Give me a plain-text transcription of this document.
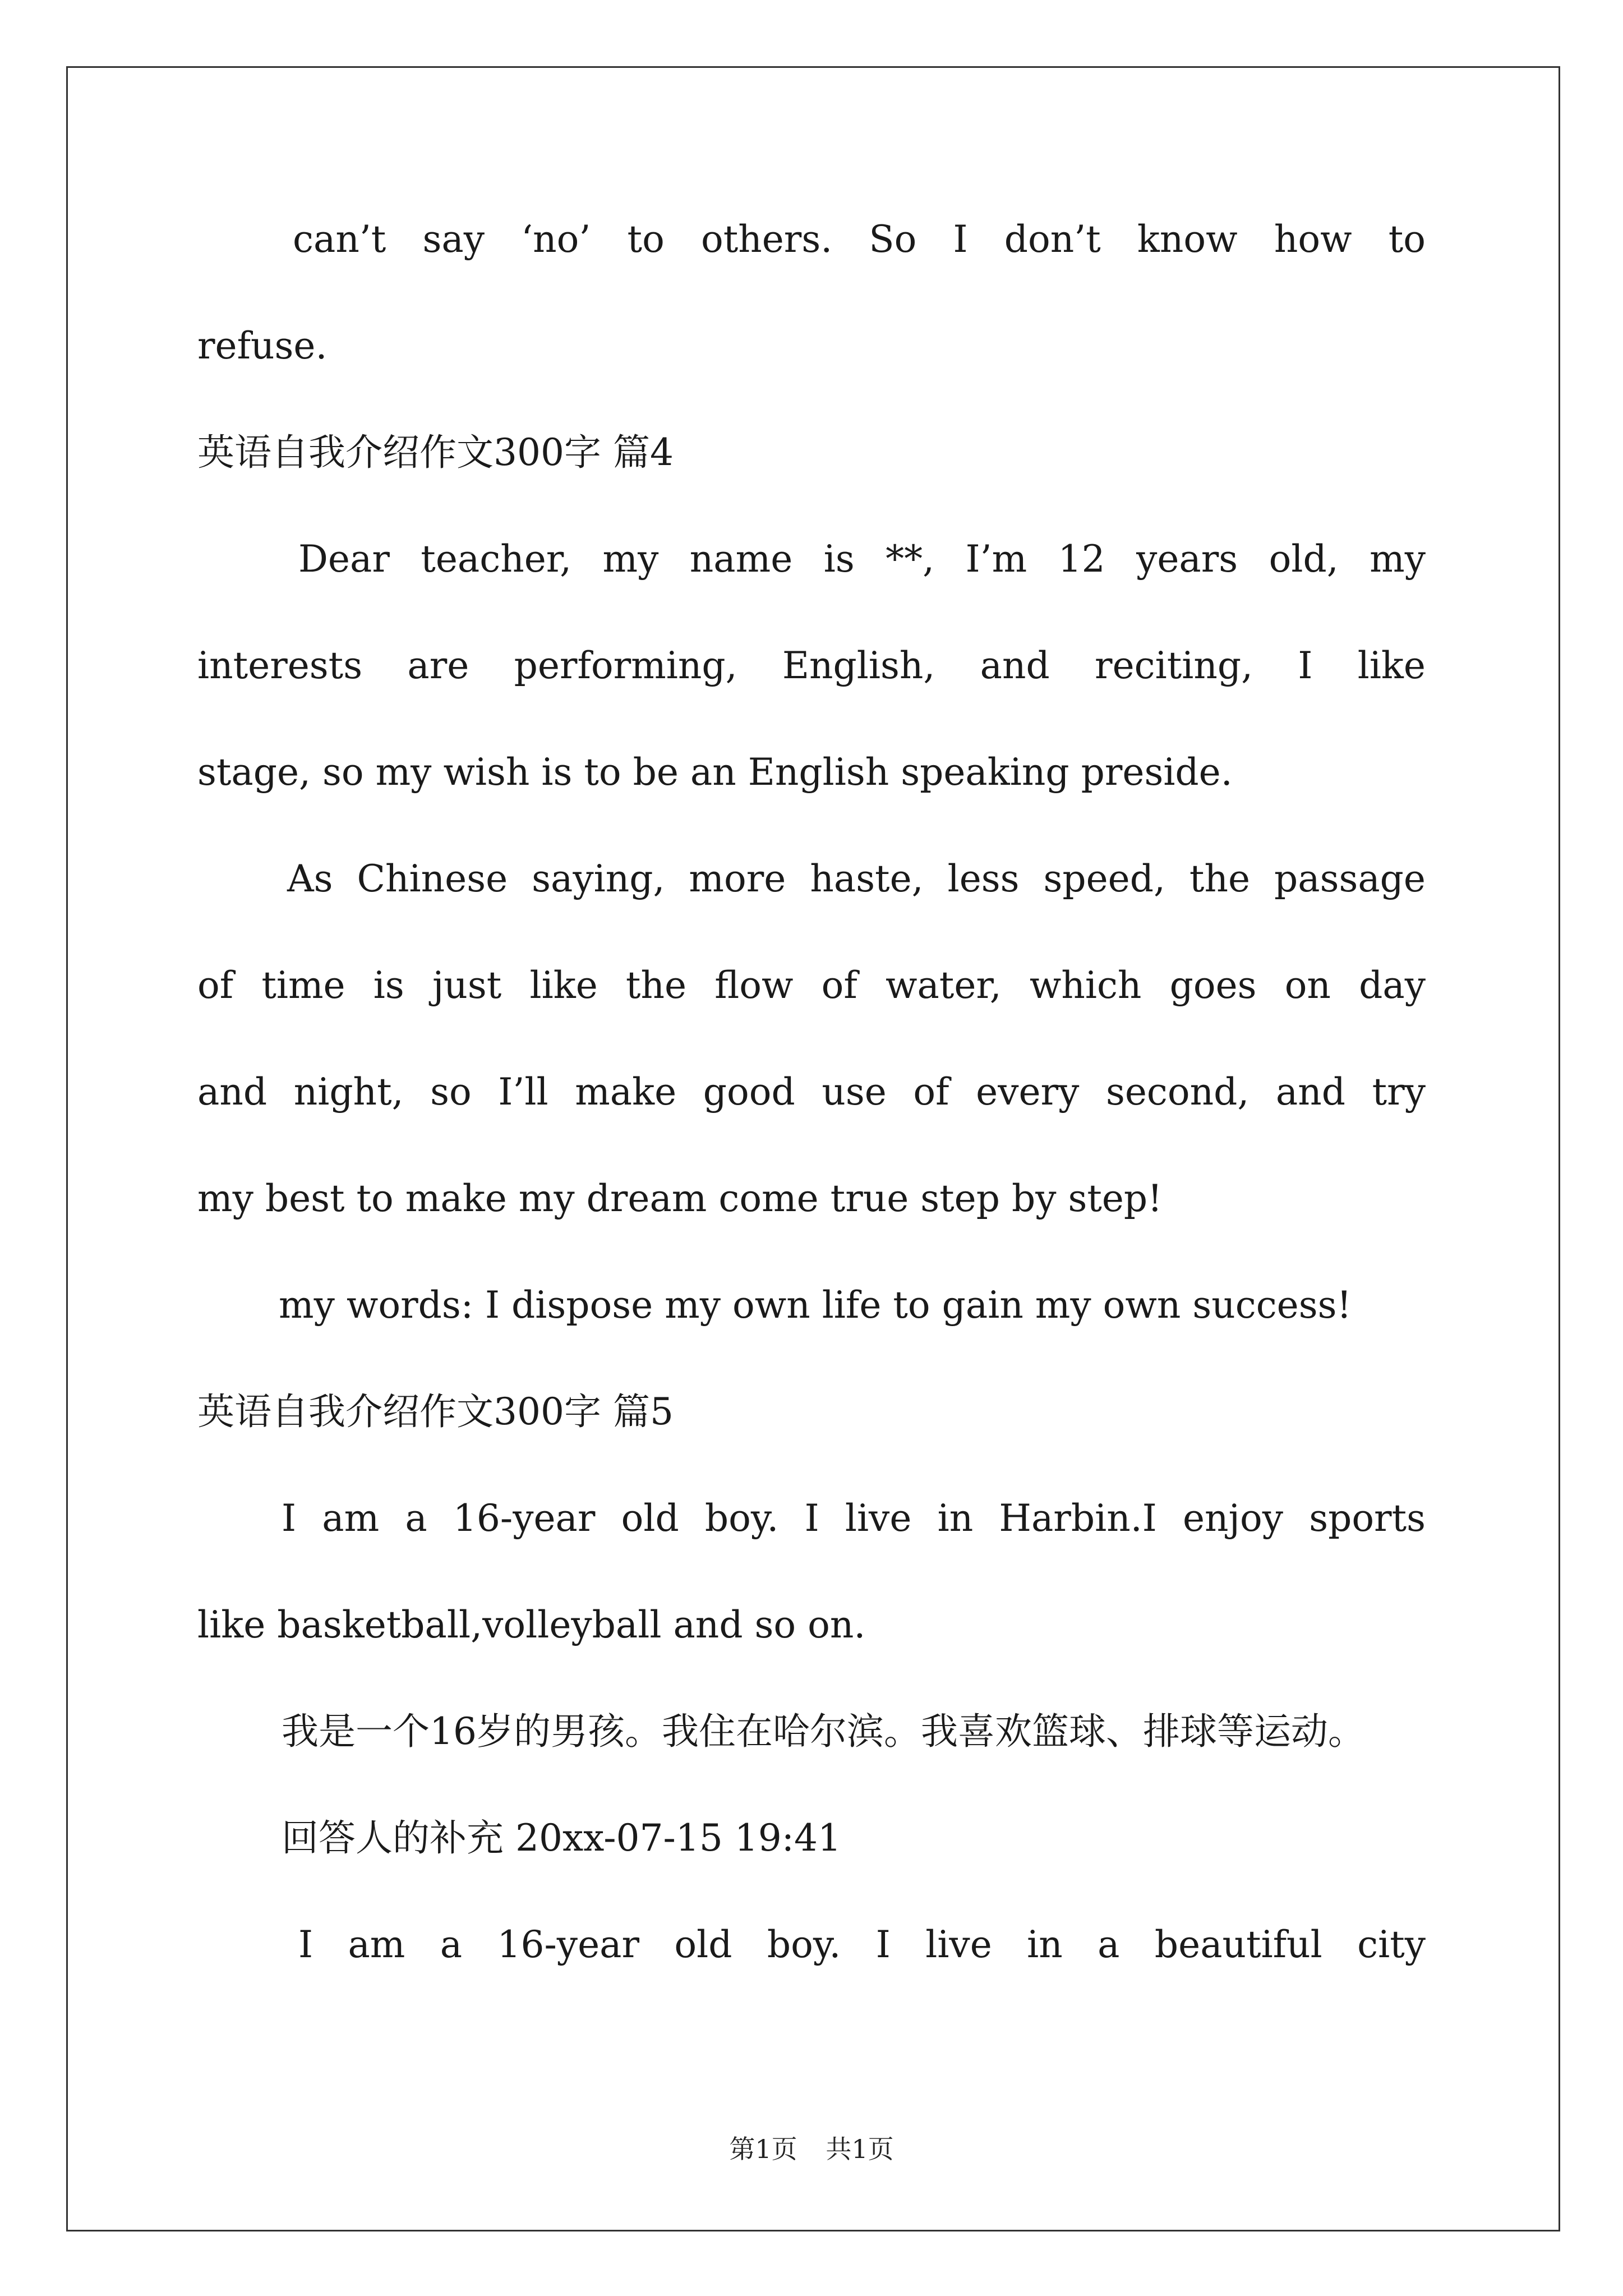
can’t say ‘no’ to others. So I don’t know how to
refuse.
英语自我介绍作文300字 篇4
Dear teacher, my name is **, I’m 12 years old, my
interests are performing, English, and reciting, I like
stage, so my wish is to be an English speaking preside.
As Chinese saying, more haste, less speed, the passage
of time is just like the flow of water, which goes on day
and night, so I’ll make good use of every second, and try
my best to make my dream come true step by step!
my words: I dispose my own life to gain my own success!
英语自我介绍作文300字 篇5
I am a 16-year old boy. I live in Harbin.I enjoy sports
like basketball,volleyball and so on.
我是一个16岁的男孩。我住在哈尔滨。我喜欢篮球、排球等运动。
回答人的补充 20xx-07-15 19:41
I am a 16-year old boy. I live in a beautiful city
第1页 共1页
